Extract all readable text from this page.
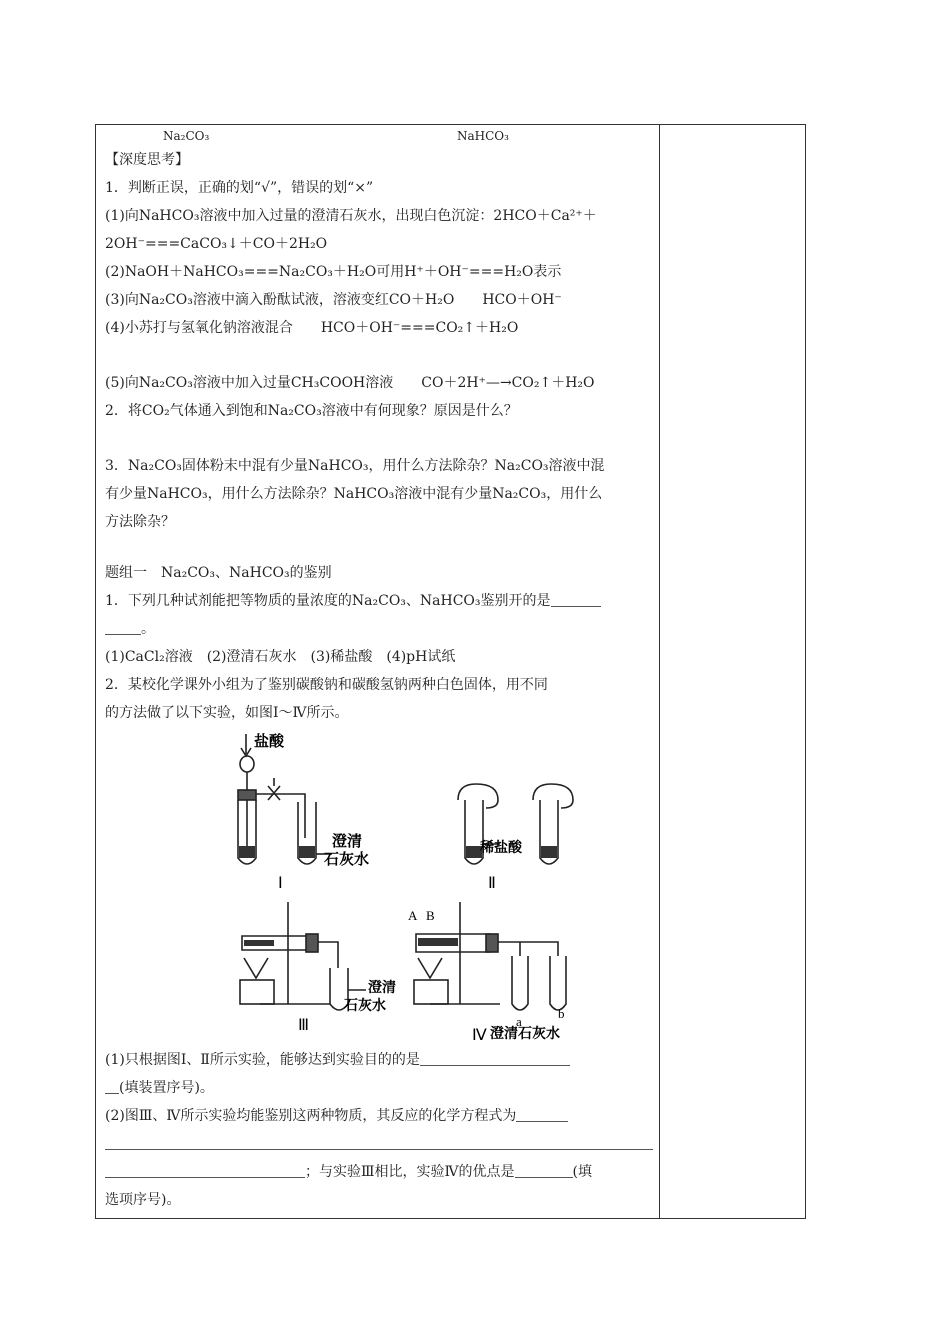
Na₂CO₃	NaHCO₃
【深度思考】
1．判断正误，正确的划“√”，错误的划“×”
(1)向NaHCO₃溶液中加入过量的澄清石灰水，出现白色沉淀：2HCO＋Ca²⁺＋
2OH⁻===CaCO₃↓＋CO＋2H₂O
(2)NaOH＋NaHCO₃===Na₂CO₃＋H₂O可用H⁺＋OH⁻===H₂O表示
(3)向Na₂CO₃溶液中滴入酚酞试液，溶液变红CO＋H₂O　　HCO＋OH⁻
(4)小苏打与氢氧化钠溶液混合　　HCO＋OH⁻===CO₂↑＋H₂O
(5)向Na₂CO₃溶液中加入过量CH₃COOH溶液　　CO＋2H⁺—→CO₂↑＋H₂O
2．将CO₂气体通入到饱和Na₂CO₃溶液中有何现象？原因是什么？
3．Na₂CO₃固体粉末中混有少量NaHCO₃，用什么方法除杂？Na₂CO₃溶液中混
有少量NaHCO₃，用什么方法除杂？NaHCO₃溶液中混有少量Na₂CO₃，用什么
方法除杂？
题组一　Na₂CO₃、NaHCO₃的鉴别
1．下列几种试剂能把等物质的量浓度的Na₂CO₃、NaHCO₃鉴别开的是
。
(1)CaCl₂溶液　(2)澄清石灰水　(3)稀盐酸　(4)pH试纸
2．某校化学课外小组为了鉴别碳酸钠和碳酸氢钠两种白色固体，用不同
的方法做了以下实验，如图Ⅰ～Ⅳ所示。
盐酸
澄清
石灰水
稀盐酸
Ⅰ	Ⅱ
澄清
石灰水
Ⅲ
A B
a
b
Ⅳ 澄清石灰水
(1)只根据图Ⅰ、Ⅱ所示实验，能够达到实验目的的是
(填装置序号)。
(2)图Ⅲ、Ⅳ所示实验均能鉴别这两种物质，其反应的化学方程式为
；与实验Ⅲ相比，实验Ⅳ的优点是	(填
选项序号)。
